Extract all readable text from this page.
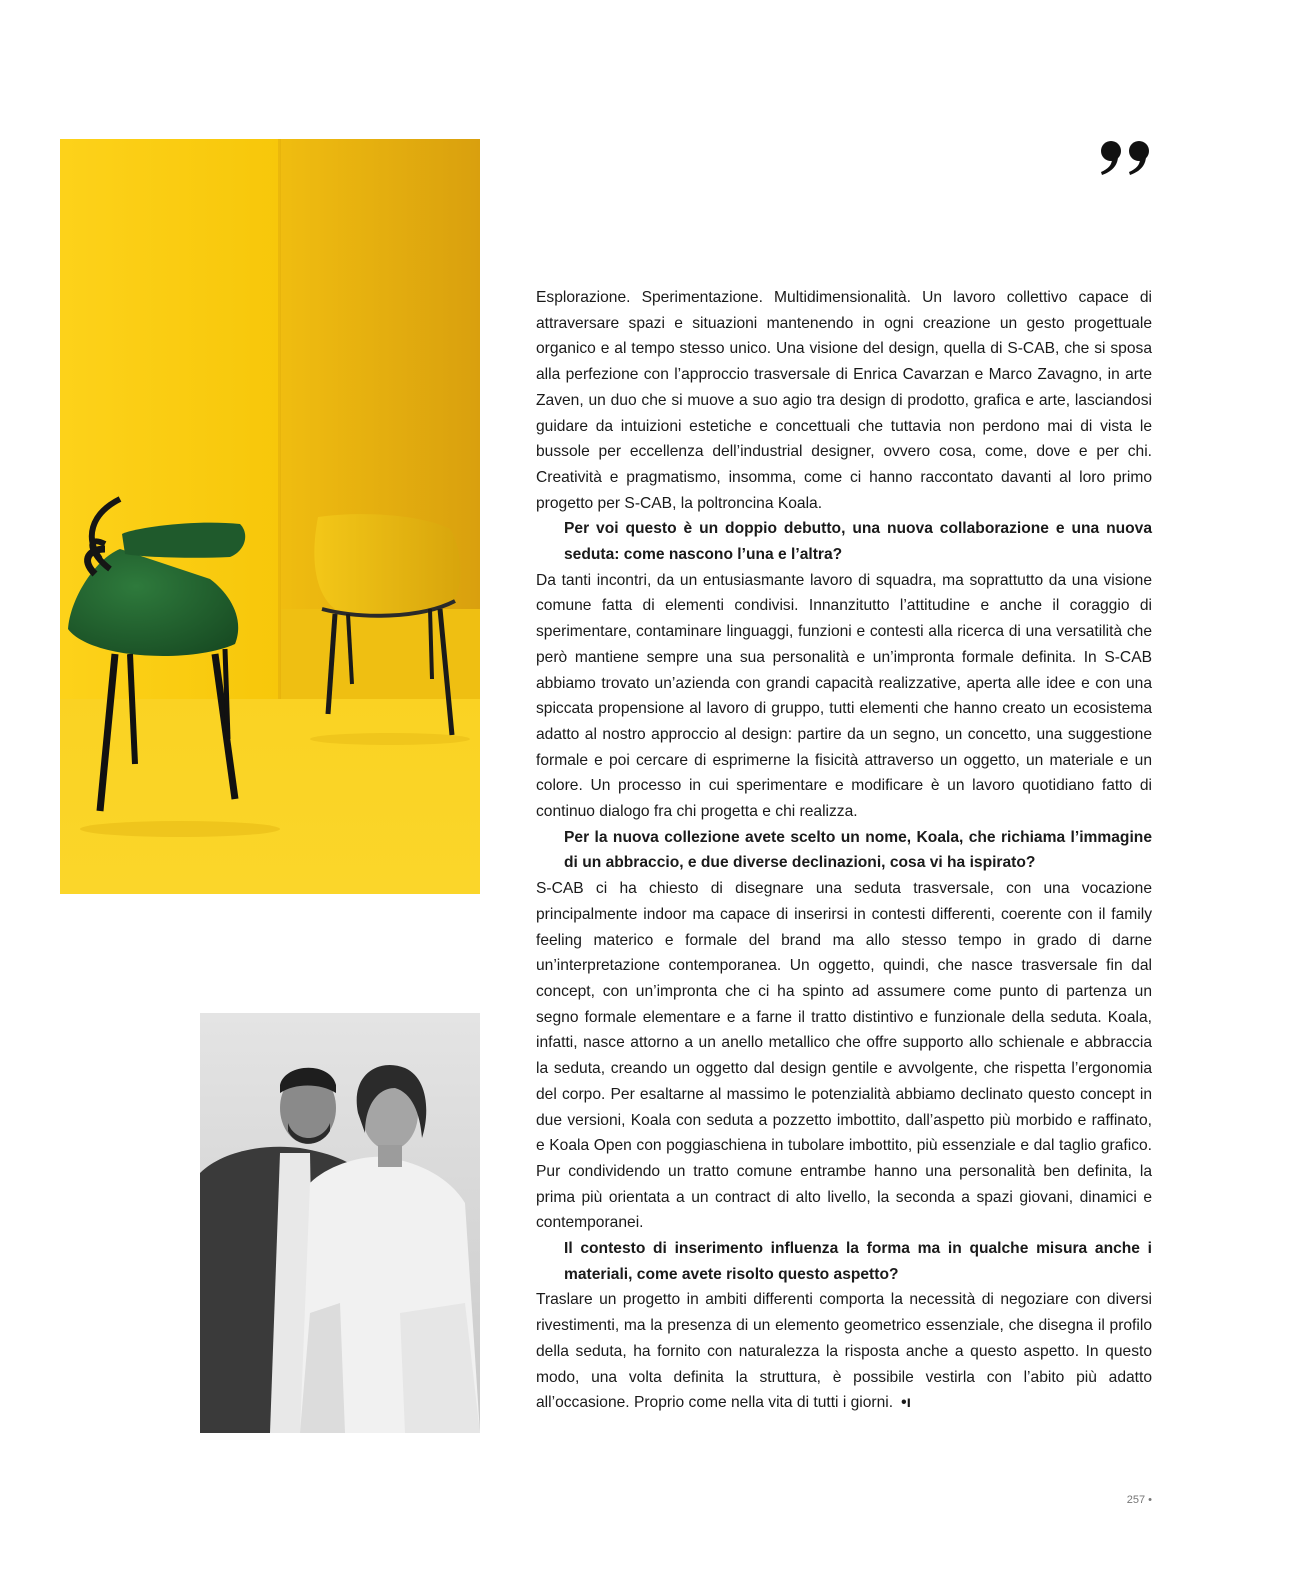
Esplorazione. Sperimentazione. Multidimensionalità. Un lavoro collettivo capace di attraversare spazi e situazioni mantenendo in ogni creazione un gesto progettuale organico e al tempo stesso unico. Una visione del design, quella di S-CAB, che si sposa alla perfezione con l’approccio trasversale di Enrica Cavarzan e Marco Zavagno, in arte Zaven, un duo che si muove a suo agio tra design di prodotto, grafica e arte, lasciandosi guidare da intuizioni estetiche e concettuali che tuttavia non perdono mai di vista le bussole per eccellenza dell’industrial designer, ovvero cosa, come, dove e per chi. Creatività e pragmatismo, insomma, come ci hanno raccontato davanti al loro primo progetto per S-CAB, la poltroncina Koala.

Per voi questo è un doppio debutto, una nuova collaborazione e una nuova seduta: come nascono l’una e l’altra?

Da tanti incontri, da un entusiasmante lavoro di squadra, ma soprattutto da una visione comune fatta di elementi condivisi. Innanzitutto l’attitudine e anche il coraggio di sperimentare, contaminare linguaggi, funzioni e contesti alla ricerca di una versatilità che però mantiene sempre una sua personalità e un’impronta formale definita. In S-CAB abbiamo trovato un’azienda con grandi capacità realizzative, aperta alle idee e con una spiccata propensione al lavoro di gruppo, tutti elementi che hanno creato un ecosistema adatto al nostro approccio al design: partire da un segno, un concetto, una suggestione formale e poi cercare di esprimerne la fisicità attraverso un oggetto, un materiale e un colore. Un processo in cui sperimentare e modificare è un lavoro quotidiano fatto di continuo dialogo fra chi progetta e chi realizza.

Per la nuova collezione avete scelto un nome, Koala, che richiama l’immagine di un abbraccio, e due diverse declinazioni, cosa vi ha ispirato?

S-CAB ci ha chiesto di disegnare una seduta trasversale, con una vocazione principalmente indoor ma capace di inserirsi in contesti differenti, coerente con il family feeling materico e formale del brand ma allo stesso tempo in grado di darne un’interpretazione contemporanea. Un oggetto, quindi, che nasce trasversale fin dal concept, con un’impronta che ci ha spinto ad assumere come punto di partenza un segno formale elementare e a farne il tratto distintivo e funzionale della seduta. Koala, infatti, nasce attorno a un anello metallico che offre supporto allo schienale e abbraccia la seduta, creando un oggetto dal design gentile e avvolgente, che rispetta l’ergonomia del corpo. Per esaltarne al massimo le potenzialità abbiamo declinato questo concept in due versioni, Koala con seduta a pozzetto imbottito, dall’aspetto più morbido e raffinato, e Koala Open con poggiaschiena in tubolare imbottito, più essenziale e dal taglio grafico. Pur condividendo un tratto comune entrambe hanno una personalità ben definita, la prima più orientata a un contract di alto livello, la seconda a spazi giovani, dinamici e contemporanei.

Il contesto di inserimento influenza la forma ma in qualche misura anche i materiali, come avete risolto questo aspetto?

Traslare un progetto in ambiti differenti comporta la necessità di negoziare con diversi rivestimenti, ma la presenza di un elemento geometrico essenziale, che disegna il profilo della seduta, ha fornito con naturalezza la risposta anche a questo aspetto. In questo modo, una volta definita la struttura, è possibile vestirla con l’abito più adatto all’occasione. Proprio come nella vita di tutti i giorni. •ı

257 •
